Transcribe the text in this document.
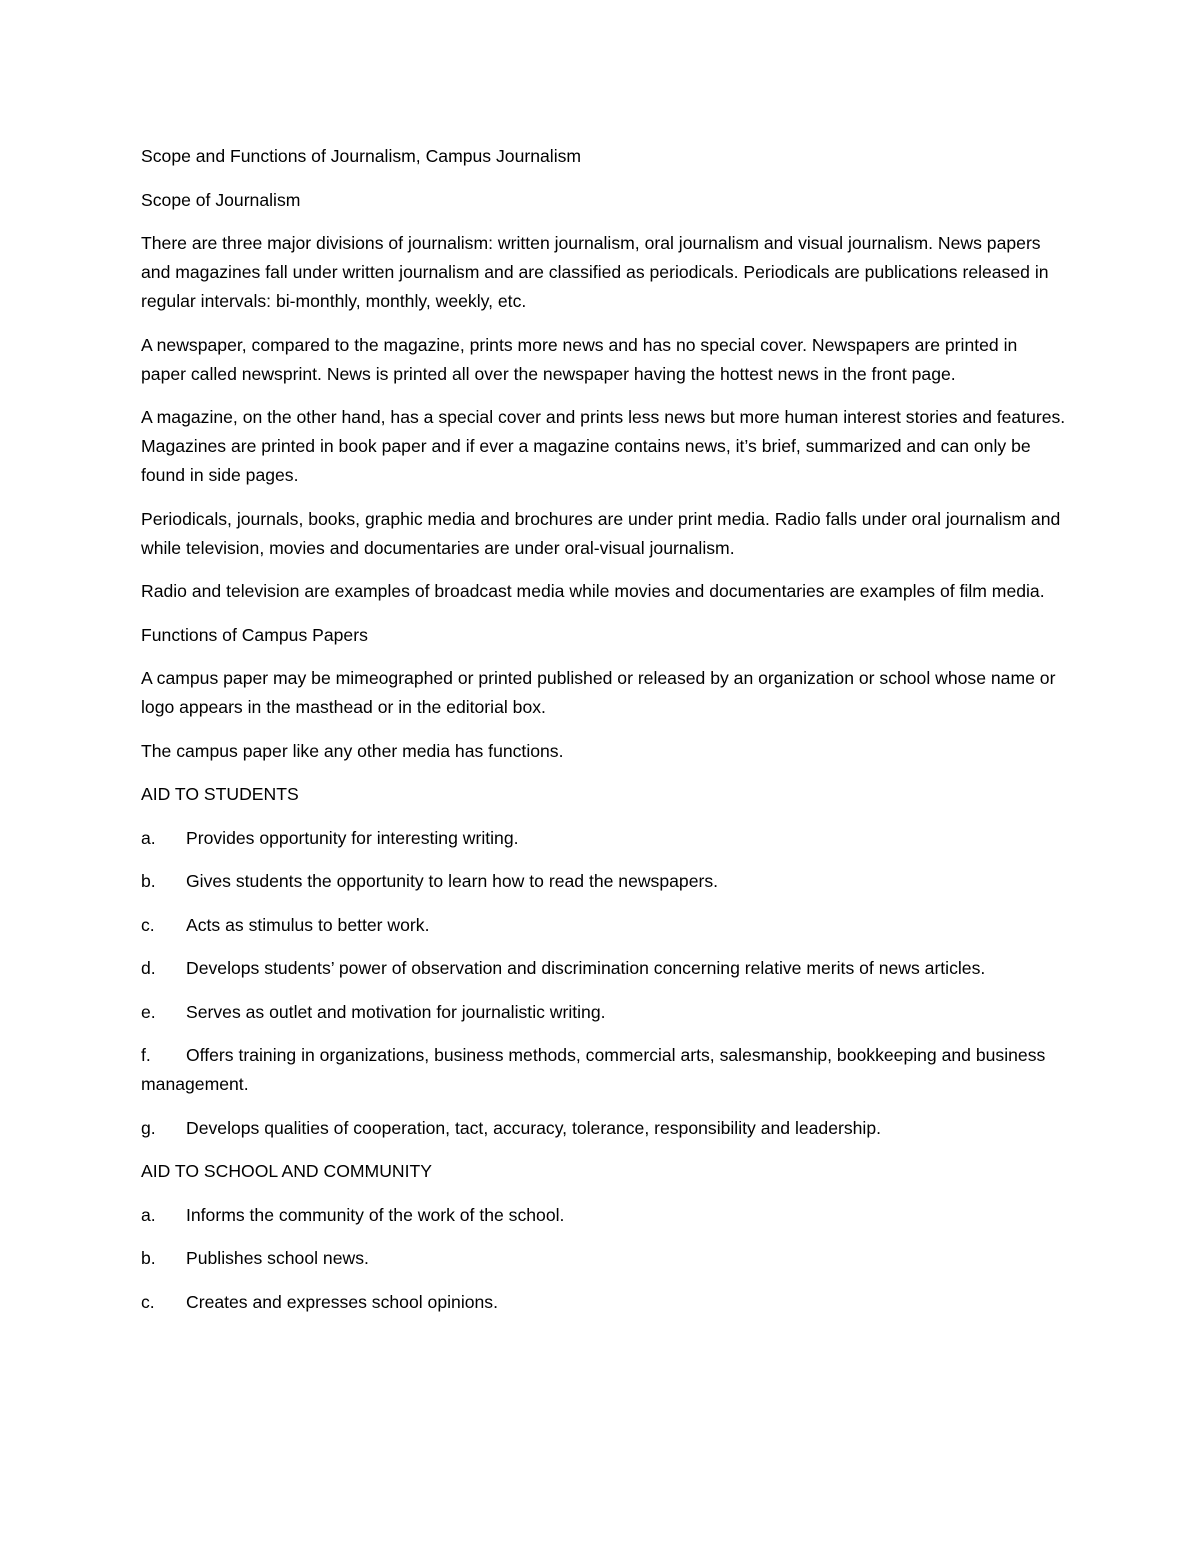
Scope and Functions of Journalism, Campus Journalism

Scope of Journalism

There are three major divisions of journalism: written journalism, oral journalism and visual journalism. News papers and magazines fall under written journalism and are classified as periodicals. Periodicals are publications released in regular intervals: bi-monthly, monthly, weekly, etc.

A newspaper, compared to the magazine, prints more news and has no special cover. Newspapers are printed in paper called newsprint. News is printed all over the newspaper having the hottest news in the front page.

A magazine, on the other hand, has a special cover and prints less news but more human interest stories and features. Magazines are printed in book paper and if ever a magazine contains news, it’s brief, summarized and can only be found in side pages.

Periodicals, journals, books, graphic media and brochures are under print media. Radio falls under oral journalism and while television, movies and documentaries are under oral-visual journalism.

Radio and television are examples of broadcast media while movies and documentaries are examples of film media.

Functions of Campus Papers

A campus paper may be mimeographed or printed published or released by an organization or school whose name or logo appears in the masthead or in the editorial box.

The campus paper like any other media has functions.

AID TO STUDENTS

a. Provides opportunity for interesting writing.

b. Gives students the opportunity to learn how to read the newspapers.

c. Acts as stimulus to better work.

d. Develops students’ power of observation and discrimination concerning relative merits of news articles.

e. Serves as outlet and motivation for journalistic writing.

f. Offers training in organizations, business methods, commercial arts, salesmanship, bookkeeping and business management.

g. Develops qualities of cooperation, tact, accuracy, tolerance, responsibility and leadership.

AID TO SCHOOL AND COMMUNITY

a. Informs the community of the work of the school.

b. Publishes school news.

c. Creates and expresses school opinions.
